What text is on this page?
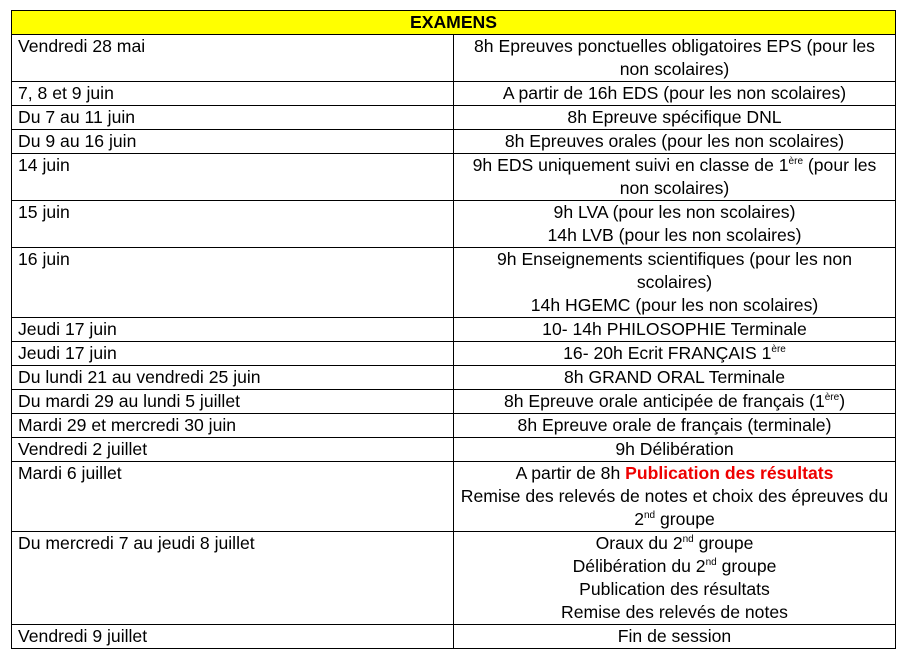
EXAMENS	
Vendredi 28 mai	8h Epreuves ponctuelles obligatoires EPS (pour les non scolaires)
7, 8 et 9 juin	A partir de 16h EDS (pour les non scolaires)
Du 7 au 11 juin	8h Epreuve spécifique DNL
Du 9 au 16 juin	8h Epreuves orales (pour les non scolaires)
14 juin	9h EDS uniquement suivi en classe de 1ère (pour les non scolaires)
15 juin	9h LVA (pour les non scolaires)
14h LVB (pour les non scolaires)

16 juin	9h Enseignements scientifiques (pour les non scolaires)
14h HGEMC (pour les non scolaires)

Jeudi 17 juin	10- 14h PHILOSOPHIE Terminale
Jeudi 17 juin	16- 20h Ecrit FRANÇAIS 1ère
Du lundi 21 au vendredi 25 juin	8h GRAND ORAL Terminale
Du mardi 29 au lundi 5 juillet	8h Epreuve orale anticipée de français (1ère)
Mardi 29 et mercredi 30 juin	8h Epreuve orale de français (terminale)
Vendredi 2 juillet	9h Délibération
Mardi 6 juillet	A partir de 8h Publication des résultats
Remise des relevés de notes et choix des épreuves du 2nd groupe

Du mercredi 7 au jeudi 8 juillet	Oraux du 2nd groupe
Délibération du 2nd groupe
Publication des résultats
Remise des relevés de notes

Vendredi 9 juillet	Fin de session
